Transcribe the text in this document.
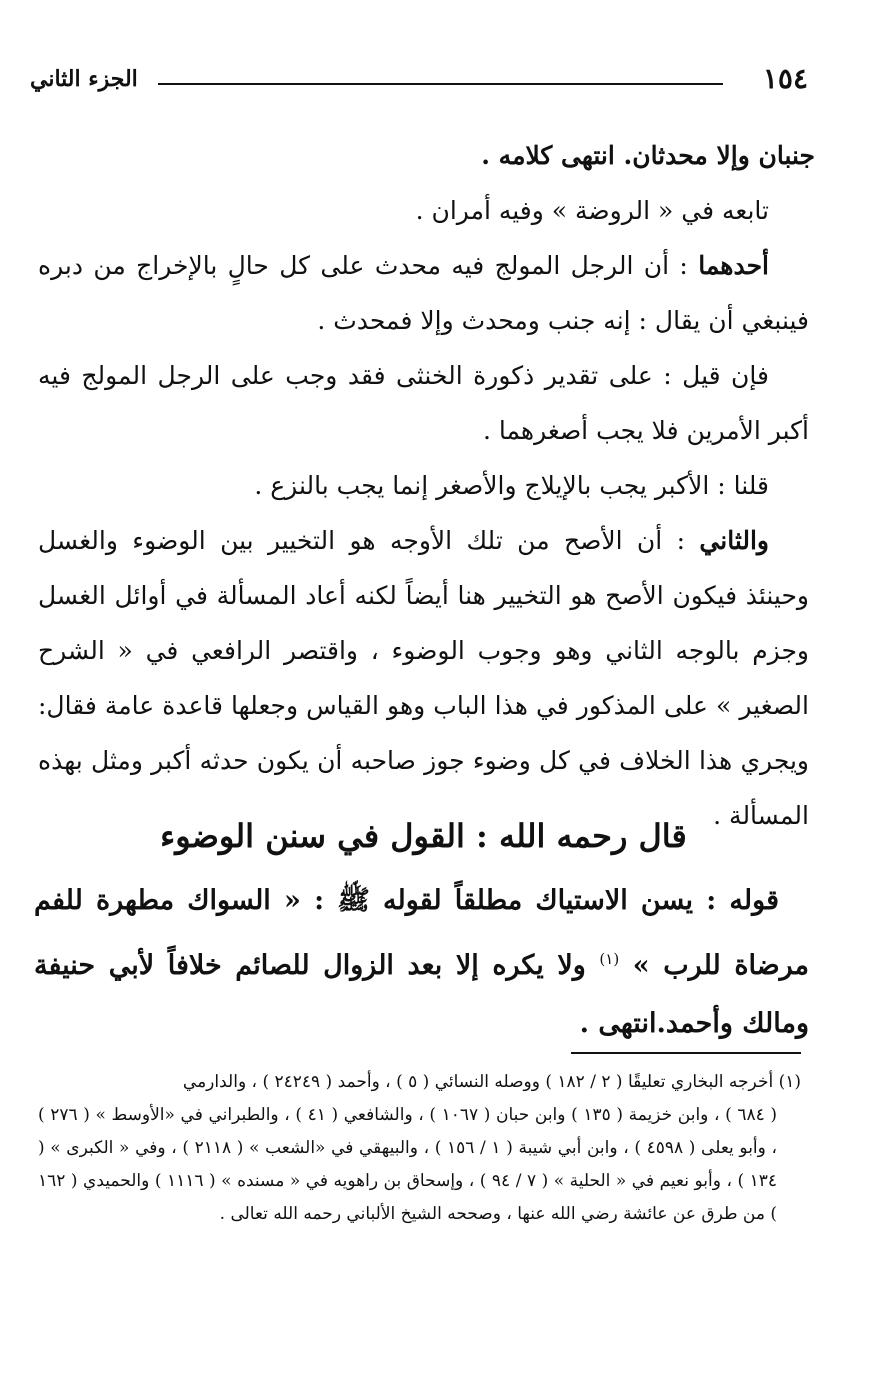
١٥٤
الجزء الثاني

جنبان وإلا محدثان. انتهى كلامه .

تابعه في « الروضة » وفيه أمران .

أحدهما : أن الرجل المولج فيه محدث على كل حالٍ بالإخراج من دبره فينبغي أن يقال : إنه جنب ومحدث وإلا فمحدث .

فإن قيل : على تقدير ذكورة الخنثى فقد وجب على الرجل المولج فيه أكبر الأمرين فلا يجب أصغرهما .

قلنا : الأكبر يجب بالإيلاج والأصغر إنما يجب بالنزع .

والثاني : أن الأصح من تلك الأوجه هو التخيير بين الوضوء والغسل وحينئذ فيكون الأصح هو التخيير هنا أيضاً لكنه أعاد المسألة في أوائل الغسل وجزم بالوجه الثاني وهو وجوب الوضوء ، واقتصر الرافعي في « الشرح الصغير » على المذكور في هذا الباب وهو القياس وجعلها قاعدة عامة فقال: ويجري هذا الخلاف في كل وضوء جوز صاحبه أن يكون حدثه أكبر ومثل بهذه المسألة .

قال رحمه الله : القول في سنن الوضوء
قوله : يسن الاستياك مطلقاً لقوله ﷺ : « السواك مطهرة للفم مرضاة للرب » $^{(١)}$ ولا يكره إلا بعد الزوال للصائم خلافاً لأبي حنيفة ومالك وأحمد.انتهى .

(١) أخرجه البخاري تعليقًا ( ٢ / ١٨٢ ) ووصله النسائي ( ٥ ) ، وأحمد ( ٢٤٢٤٩ ) ، والدارمي

( ٦٨٤ ) ، وابن خزيمة ( ١٣٥ ) وابن حبان ( ١٠٦٧ ) ، والشافعي ( ٤١ ) ، والطبراني في «الأوسط » ( ٢٧٦ ) ، وأبو يعلى ( ٤٥٩٨ ) ، وابن أبي شيبة ( ١ / ١٥٦ ) ، والبيهقي في «الشعب » ( ٢١١٨ ) ، وفي « الكبرى » ( ١٣٤ ) ، وأبو نعيم في « الحلية » ( ٧ / ٩٤ ) ، وإسحاق بن راهويه في « مسنده » ( ١١١٦ ) والحميدي ( ١٦٢ ) من طرق عن عائشة رضي الله عنها ، وصححه الشيخ الألباني رحمه الله تعالى .
